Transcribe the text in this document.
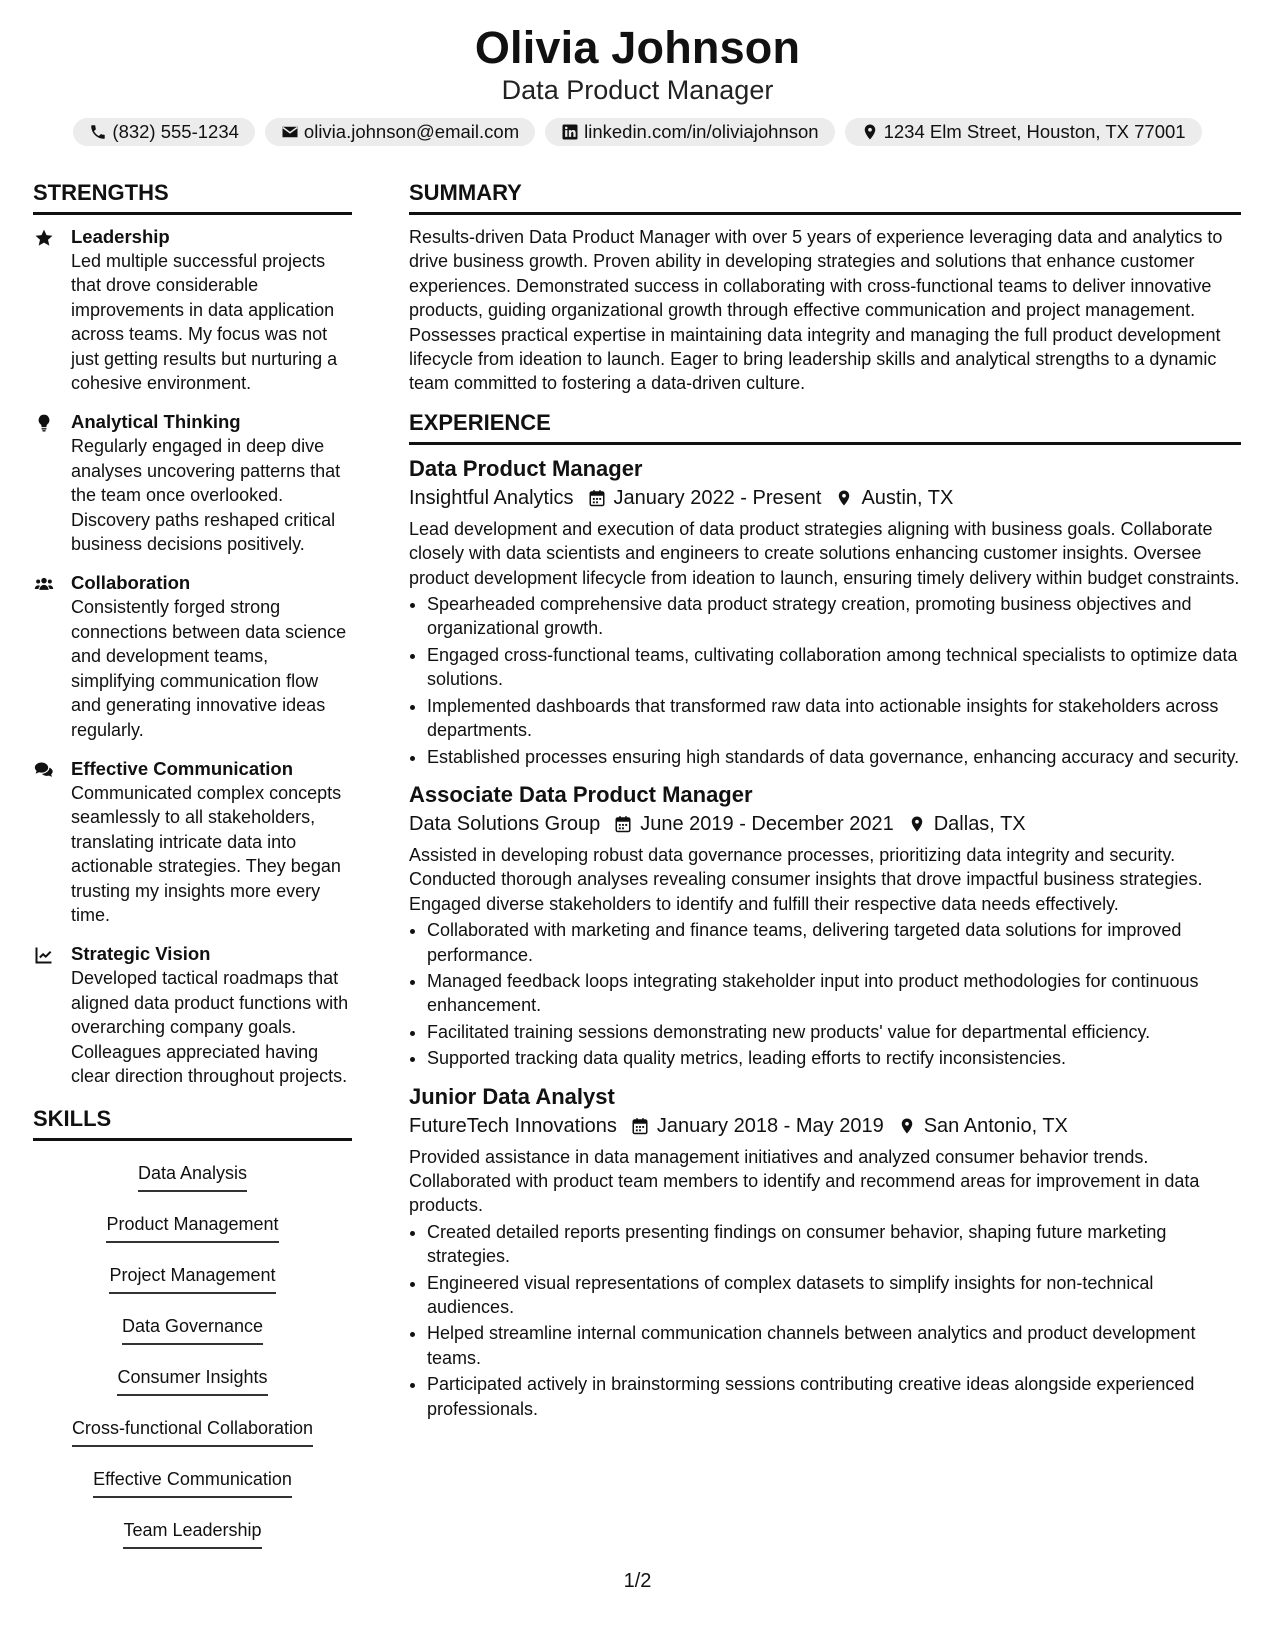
Olivia Johnson
Data Product Manager
(832) 555-1234	olivia.johnson@email.com	linkedin.com/in/oliviajohnson	1234 Elm Street, Houston, TX 77001
STRENGTHS
Leadership
Led multiple successful projects that drove considerable improvements in data application across teams. My focus was not just getting results but nurturing a cohesive environment.
Analytical Thinking
Regularly engaged in deep dive analyses uncovering patterns that the team once overlooked. Discovery paths reshaped critical business decisions positively.
Collaboration
Consistently forged strong connections between data science and development teams, simplifying communication flow and generating innovative ideas regularly.
Effective Communication
Communicated complex concepts seamlessly to all stakeholders, translating intricate data into actionable strategies. They began trusting my insights more every time.
Strategic Vision
Developed tactical roadmaps that aligned data product functions with overarching company goals. Colleagues appreciated having clear direction throughout projects.
SKILLS
Data Analysis
Product Management
Project Management
Data Governance
Consumer Insights
Cross-functional Collaboration
Effective Communication
Team Leadership
SUMMARY
Results-driven Data Product Manager with over 5 years of experience leveraging data and analytics to drive business growth. Proven ability in developing strategies and solutions that enhance customer experiences. Demonstrated success in collaborating with cross-functional teams to deliver innovative products, guiding organizational growth through effective communication and project management. Possesses practical expertise in maintaining data integrity and managing the full product development lifecycle from ideation to launch. Eager to bring leadership skills and analytical strengths to a dynamic team committed to fostering a data-driven culture.
EXPERIENCE
Data Product Manager
Insightful Analytics January 2022 - Present Austin, TX
Lead development and execution of data product strategies aligning with business goals. Collaborate closely with data scientists and engineers to create solutions enhancing customer insights. Oversee product development lifecycle from ideation to launch, ensuring timely delivery within budget constraints.
• Spearheaded comprehensive data product strategy creation, promoting business objectives and organizational growth.
• Engaged cross-functional teams, cultivating collaboration among technical specialists to optimize data solutions.
• Implemented dashboards that transformed raw data into actionable insights for stakeholders across departments.
• Established processes ensuring high standards of data governance, enhancing accuracy and security.
Associate Data Product Manager
Data Solutions Group June 2019 - December 2021 Dallas, TX
Assisted in developing robust data governance processes, prioritizing data integrity and security. Conducted thorough analyses revealing consumer insights that drove impactful business strategies. Engaged diverse stakeholders to identify and fulfill their respective data needs effectively.
• Collaborated with marketing and finance teams, delivering targeted data solutions for improved performance.
• Managed feedback loops integrating stakeholder input into product methodologies for continuous enhancement.
• Facilitated training sessions demonstrating new products' value for departmental efficiency.
• Supported tracking data quality metrics, leading efforts to rectify inconsistencies.
Junior Data Analyst
FutureTech Innovations January 2018 - May 2019 San Antonio, TX
Provided assistance in data management initiatives and analyzed consumer behavior trends. Collaborated with product team members to identify and recommend areas for improvement in data products.
• Created detailed reports presenting findings on consumer behavior, shaping future marketing strategies.
• Engineered visual representations of complex datasets to simplify insights for non-technical audiences.
• Helped streamline internal communication channels between analytics and product development teams.
• Participated actively in brainstorming sessions contributing creative ideas alongside experienced professionals.
1/2
